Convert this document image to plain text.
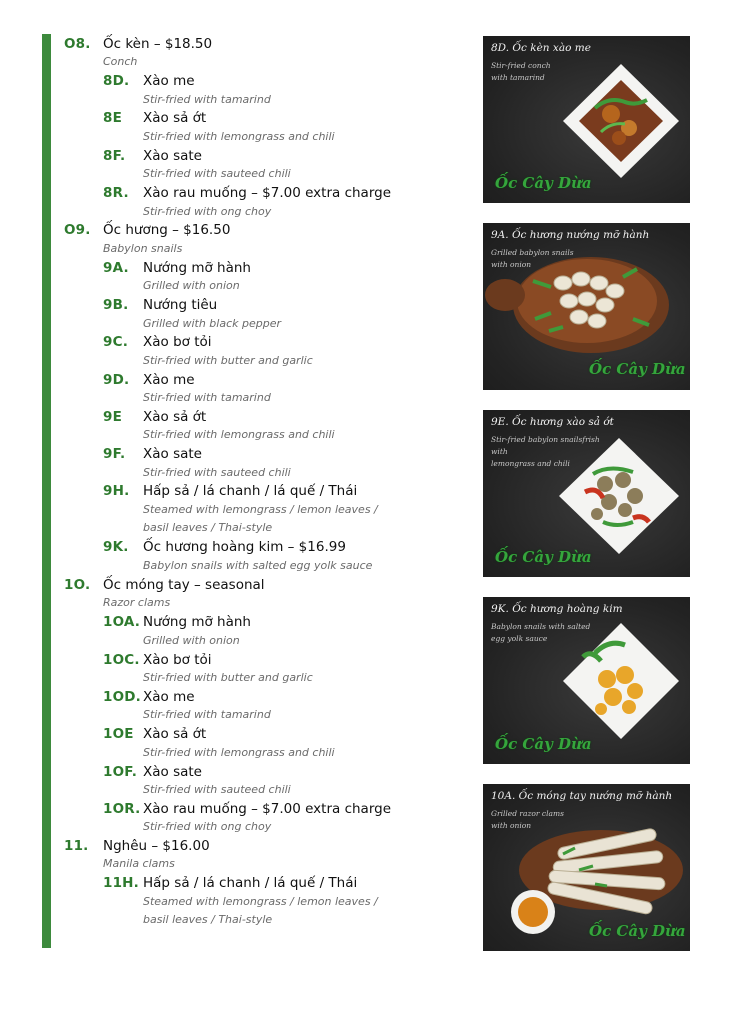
O8. Ốc kèn – $18.50
Conch
8D. Xào me
Stir-fried with tamarind
8E Xào sả ớt
Stir-fried with lemongrass and chili
8F. Xào sate
Stir-fried with sauteed chili
8R. Xào rau muống – $7.00 extra charge
Stir-fried with ong choy
O9. Ốc hương – $16.50
Babylon snails
9A. Nướng mỡ hành
Grilled with onion
9B. Nướng tiêu
Grilled with black pepper
9C. Xào bơ tỏi
Stir-fried with butter and garlic
9D. Xào me
Stir-fried with tamarind
9E Xào sả ớt
Stir-fried with lemongrass and chili
9F. Xào sate
Stir-fried with sauteed chili
9H. Hấp sả / lá chanh / lá quế / Thái
Steamed with lemongrass / lemon leaves /
basil leaves / Thai-style
9K. Ốc hương hoàng kim – $16.99
Babylon snails with salted egg yolk sauce
1O. Ốc móng tay – seasonal
Razor clams
1OA. Nướng mỡ hành
Grilled with onion
1OC. Xào bơ tỏi
Stir-fried with butter and garlic
1OD. Xào me
Stir-fried with tamarind
1OE Xào sả ớt
Stir-fried with lemongrass and chili
1OF. Xào sate
Stir-fried with sauteed chili
1OR. Xào rau muống – $7.00 extra charge
Stir-fried with ong choy
11. Nghêu – $16.00
Manila clams
11H. Hấp sả / lá chanh / lá quế / Thái
Steamed with lemongrass / lemon leaves /
basil leaves / Thai-style
8D. Ốc kèn xào me
Stir-fried conch
with tamarind
Ốc Cây Dừa
9A. Ốc hương nướng mỡ hành
Grilled babylon snails
with onion
Ốc Cây Dừa
9E. Ốc hương xào sả ớt
Stir-fried babylon snailsfrish with
lemongrass and chili
Ốc Cây Dừa
9K. Ốc hương hoàng kim
Babylon snails with salted
egg yolk sauce
Ốc Cây Dừa
10A. Ốc móng tay nướng mỡ hành
Grilled razor clams
with onion
Ốc Cây Dừa
